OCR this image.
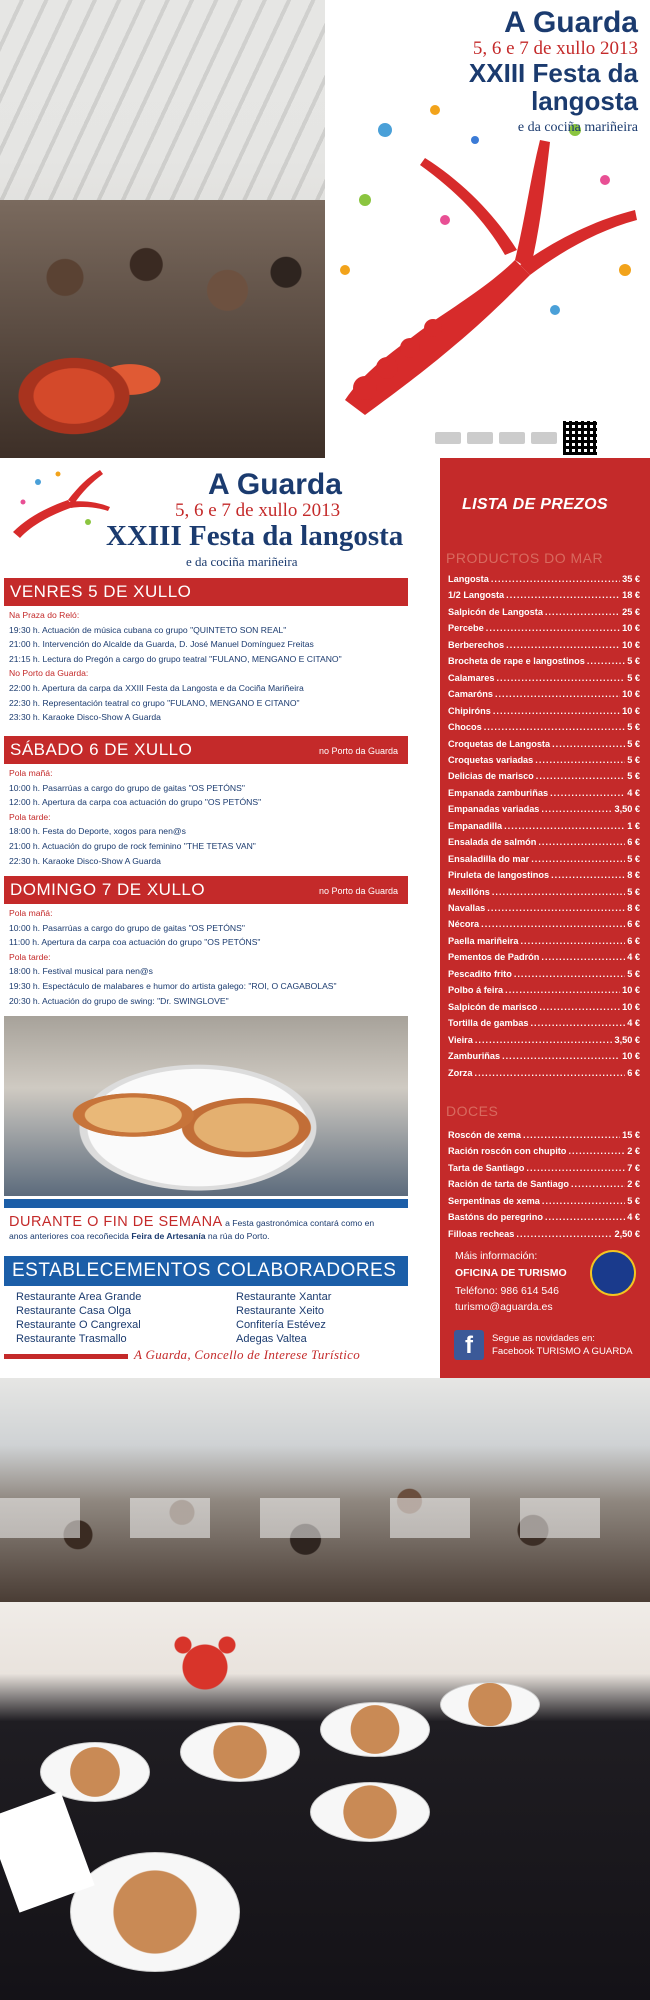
A Guarda
5, 6 e 7 de xullo 2013
XXIII Festa da
langosta
e da cociña mariñeira
A Guarda
5, 6 e 7 de xullo 2013
XXIII Festa da langosta
e da cociña mariñeira
VENRES 5 DE XULLO
Na Praza do Reló:
19:30 h. Actuación de música cubana co grupo "QUINTETO SON REAL"
21:00 h. Intervención do Alcalde da Guarda, D. José Manuel Domínguez Freitas
21:15 h. Lectura do Pregón a cargo do grupo teatral "FULANO, MENGANO E CITANO"
No Porto da Guarda:
22:00 h. Apertura da carpa da XXIII Festa da Langosta e da Cociña Mariñeira
22:30 h. Representación teatral co grupo "FULANO, MENGANO E CITANO"
23:30 h. Karaoke Disco-Show A Guarda
SÁBADO 6 DE XULLO	no Porto da Guarda
Pola mañá:
10:00 h. Pasarrúas a cargo do grupo de gaitas "OS PETÓNS"
12:00 h. Apertura da carpa coa actuación do grupo "OS PETÓNS"
Pola tarde:
18:00 h. Festa do Deporte, xogos para nen@s
21:00 h. Actuación do grupo de rock feminino "THE TETAS VAN"
22:30 h. Karaoke Disco-Show A Guarda
DOMINGO 7 DE XULLO	no Porto da Guarda
Pola mañá:
10:00 h. Pasarrúas a cargo do grupo de gaitas "OS PETÓNS"
11:00 h. Apertura da carpa coa actuación do grupo "OS PETÓNS"
Pola tarde:
18:00 h. Festival musical para nen@s
19:30 h. Espectáculo de malabares e humor do artista galego: "ROI, O CAGABOLAS"
20:30 h. Actuación do grupo de swing: "Dr. SWINGLOVE"
DURANTE O FIN DE SEMANA a Festa gastronómica contará como en
anos anteriores coa recoñecida Feira de Artesanía na rúa do Porto.
ESTABLECEMENTOS COLABORADORES
Restaurante Area Grande
Restaurante Casa Olga
Restaurante O Cangrexal
Restaurante Trasmallo
Restaurante Xantar
Restaurante Xeito
Confitería Estévez
Adegas Valtea
A Guarda, Concello de Interese Turístico
LISTA DE PREZOS
PRODUCTOS DO MAR
Langosta .....	35 €
1/2 Langosta .....	18 €
Salpicón de Langosta .....	25 €
Percebe .....	10 €
Berberechos .....	10 €
Brocheta de rape e langostinos .....	5 €
Calamares .....	5 €
Camaróns .....	10 €
Chipiróns .....	10 €
Chocos .....	5 €
Croquetas de Langosta .....	5 €
Croquetas variadas .....	5 €
Delicias de marisco .....	5 €
Empanada zamburiñas .....	4 €
Empanadas variadas .....	3,50 €
Empanadilla .....	1 €
Ensalada de salmón .....	6 €
Ensaladilla do mar .....	5 €
Piruleta de langostinos .....	8 €
Mexillóns .....	5 €
Navallas .....	8 €
Nécora .....	6 €
Paella mariñeira .....	6 €
Pementos de Padrón .....	4 €
Pescadito frito .....	5 €
Polbo á feira .....	10 €
Salpicón de marisco .....	10 €
Tortilla de gambas .....	4 €
Vieira .....	3,50 €
Zamburiñas .....	10 €
Zorza .....	6 €
DOCES
Roscón de xema .....	15 €
Ración roscón con chupito .....	2 €
Tarta de Santiago .....	7 €
Ración de tarta de Santiago .....	2 €
Serpentinas de xema .....	5 €
Bastóns do peregrino .....	4 €
Filloas recheas .....	2,50 €
Máis información:
OFICINA DE TURISMO
Teléfono: 986 614 546
turismo@aguarda.es
f	Segue as novidades en:
Facebook TURISMO A GUARDA
